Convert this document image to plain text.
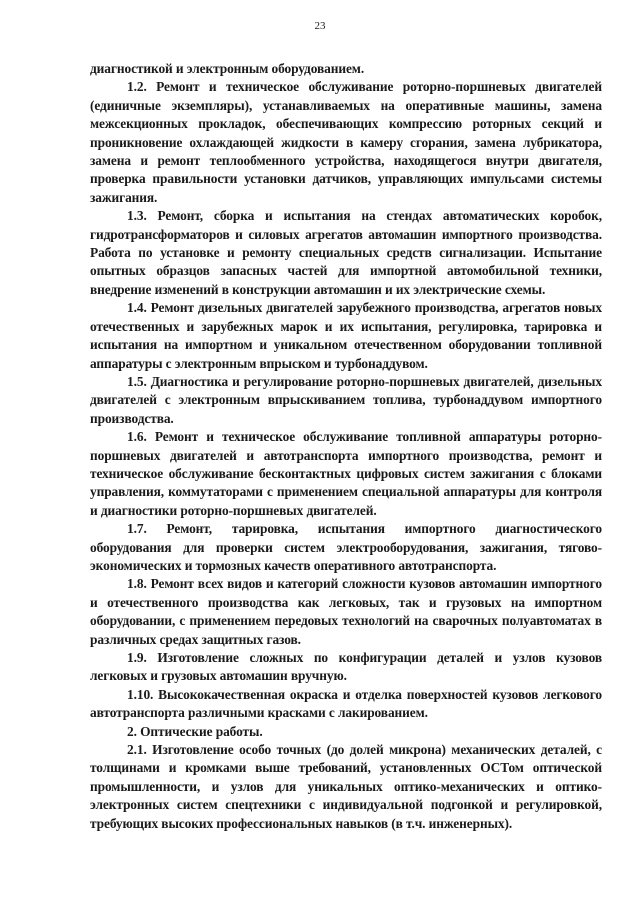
23

диагностикой и электронным оборудованием.

1.2. Ремонт и техническое обслуживание роторно-поршневых двигателей (единичные экземпляры), устанавливаемых на оперативные машины, замена межсекционных прокладок, обеспечивающих компрессию роторных секций и проникновение охлаждающей жидкости в камеру сгорания, замена лубрикатора, замена и ремонт теплообменного устройства, находящегося внутри двигателя, проверка правильности установки датчиков, управляющих импульсами системы зажигания.

1.3. Ремонт, сборка и испытания на стендах автоматических коробок, гидротрансформаторов и силовых агрегатов автомашин импортного производства. Работа по установке и ремонту специальных средств сигнализации. Испытание опытных образцов запасных частей для импортной автомобильной техники, внедрение изменений в конструкции автомашин и их электрические схемы.

1.4. Ремонт дизельных двигателей зарубежного производства, агрегатов новых отечественных и зарубежных марок и их испытания, регулировка, тарировка и испытания на импортном и уникальном отечественном оборудовании топливной аппаратуры с электронным впрыском и турбонаддувом.

1.5. Диагностика и регулирование роторно-поршневых двигателей, дизельных двигателей с электронным впрыскиванием топлива, турбонаддувом импортного производства.

1.6. Ремонт и техническое обслуживание топливной аппаратуры роторно-поршневых двигателей и автотранспорта импортного производства, ремонт и техническое обслуживание бесконтактных цифровых систем зажигания с блоками управления, коммутаторами с применением специальной аппаратуры для контроля и диагностики роторно-поршневых двигателей.

1.7. Ремонт, тарировка, испытания импортного диагностического оборудования для проверки систем электрооборудования, зажигания, тягово-экономических и тормозных качеств оперативного автотранспорта.

1.8. Ремонт всех видов и категорий сложности кузовов автомашин импортного и отечественного производства как легковых, так и грузовых на импортном оборудовании, с применением передовых технологий на сварочных полуавтоматах в различных средах защитных газов.

1.9. Изготовление сложных по конфигурации деталей и узлов кузовов легковых и грузовых автомашин вручную.

1.10. Высококачественная окраска и отделка поверхностей кузовов легкового автотранспорта различными красками с лакированием.

2. Оптические работы.

2.1. Изготовление особо точных (до долей микрона) механических деталей, с толщинами и кромками выше требований, установленных ОСТом оптической промышленности, и узлов для уникальных оптико-механических и оптико-электронных систем спецтехники с индивидуальной подгонкой и регулировкой, требующих высоких профессиональных навыков (в т.ч. инженерных).
